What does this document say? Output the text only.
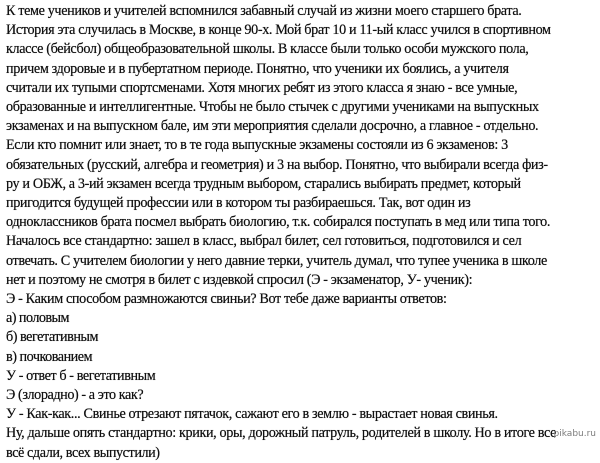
К теме учеников и учителей вспомнился забавный случай из жизни моего старшего брата.
История эта случилась в Москве, в конце 90-х. Мой брат 10 и 11-ый класс учился в спортивном
классе (бейсбол) общеобразовательной школы. В классе были только особи мужского пола,
причем здоровые и в пубертатном периоде. Понятно, что ученики их боялись, а учителя
считали их тупыми спортсменами. Хотя многих ребят из этого класса я знаю - все умные,
образованные и интеллигентные. Чтобы не было стычек с другими учениками на выпускных
экзаменах и на выпускном бале, им эти мероприятия сделали досрочно, а главное - отдельно.
Если кто помнит или знает, то в те года выпускные экзамены состояли из 6 экзаменов: 3
обязательных (русский, алгебра и геометрия) и 3 на выбор. Понятно, что выбирали всегда физ-
ру и ОБЖ, а 3-ий экзамен всегда трудным выбором, старались выбирать предмет, который
пригодится будущей профессии или в котором ты разбираешься. Так, вот один из
одноклассников брата посмел выбрать биологию, т.к. собирался поступать в мед или типа того.
Началось все стандартно: зашел в класс, выбрал билет, сел готовиться, подготовился и сел
отвечать. С учителем биологии у него давние терки, учитель думал, что тупее ученика в школе
нет и поэтому не смотря в билет с издевкой спросил (Э - экзаменатор, У- ученик):
Э - Каким способом размножаются свиньи? Вот тебе даже варианты ответов:
а) половым
б) вегетативным
в) почкованием
У - ответ б - вегетативным
Э (злорадно) - а это как?
У - Как-как... Свинье отрезают пятачок, сажают его в землю - вырастает новая свинья.
Ну, дальше опять стандартно: крики, оры, дорожный патруль, родителей в школу. Но в итоге все
всё сдали, всех выпустили)
pikabu.ru
